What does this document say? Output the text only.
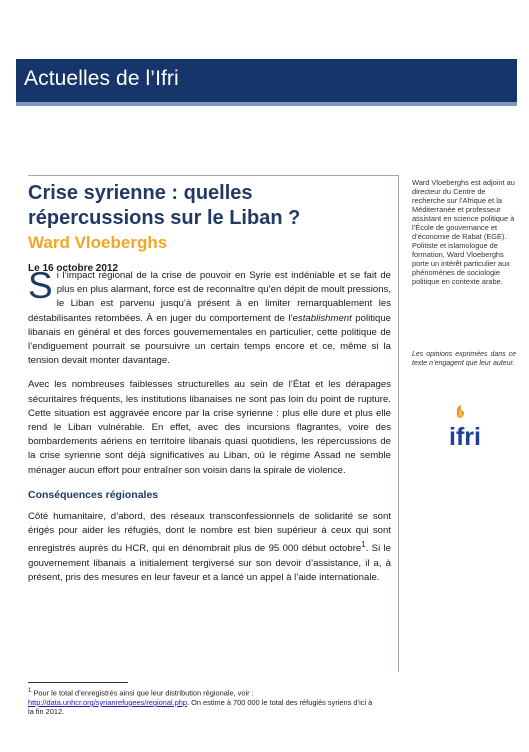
Actuelles de l’Ifri
Crise syrienne : quelles répercussions sur le Liban ?
Ward Vloeberghs
Le 16 octobre 2012

Si l’impact régional de la crise de pouvoir en Syrie est indéniable et se fait de plus en plus alarmant, force est de reconnaître qu’en dépit de moult pressions, le Liban est parvenu jusqu’à présent à en limiter remarquablement les déstabilisantes retombées. À en juger du comportement de l’establishment politique libanais en général et des forces gouvernementales en particulier, cette politique de l’endiguement pourrait se poursuivre un certain temps encore et ce, même si la tension devait monter davantage.

Avec les nombreuses faiblesses structurelles au sein de l’État et les dérapages sécuritaires fréquents, les institutions libanaises ne sont pas loin du point de rupture. Cette situation est aggravée encore par la crise syrienne : plus elle dure et plus elle rend le Liban vulnérable. En effet, avec des incursions flagrantes, voire des bombardements aériens en territoire libanais quasi quotidiens, les répercussions de la crise syrienne sont déjà significatives au Liban, où le régime Assad ne semble ménager aucun effort pour entraîner son voisin dans la spirale de violence.

Conséquences régionales

Côté humanitaire, d’abord, des réseaux transconfessionnels de solidarité se sont érigés pour aider les réfugiés, dont le nombre est bien supérieur à ceux qui sont enregistrés auprès du HCR, qui en dénombrait plus de 95 000 début octobre$^1$. Si le gouvernement libanais a initialement tergiversé sur son devoir d’assistance, il a, à présent, pris des mesures en leur faveur et a lancé un appel à l’aide internationale.

Ward Vloeberghs est adjoint au directeur du Centre de recherche sur l’Afrique et la Méditerranée et professeur assistant en science politique à l’École de gouvernance et d’économie de Rabat (EGE). Politiste et islamologue de formation, Ward Vloeberghs porte un intérêt particulier aux phénomènes de sociologie politique en contexte arabe.

Les opinions exprimées dans ce texte n’engagent que leur auteur.

ifri

$^1$ Pour le total d’enregistrés ainsi que leur distribution régionale, voir : http://data.unhcr.org/syrianrefugees/regional.php. On estime à 700 000 le total des réfugiés syriens d’ici à la fin 2012.
